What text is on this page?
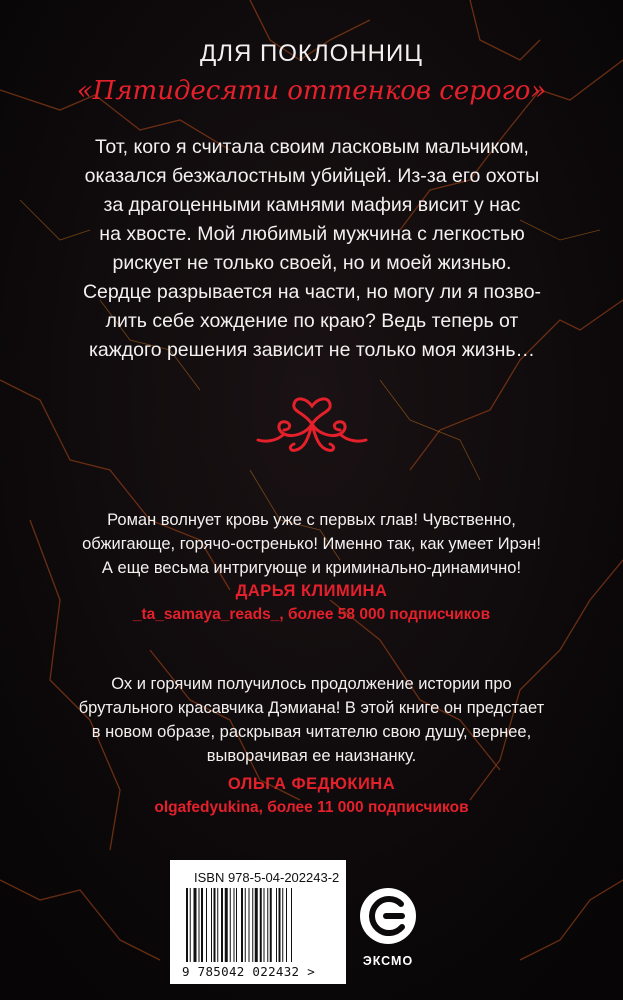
ДЛЯ ПОКЛОННИЦ
«Пятидесяти оттенков серого»
Тот, кого я считала своим ласковым мальчиком,
оказался безжалостным убийцей. Из-за его охоты
за драгоценными камнями мафия висит у нас
на хвосте. Мой любимый мужчина с легкостью
рискует не только своей, но и моей жизнью.
Сердце разрывается на части, но могу ли я позво-
лить себе хождение по краю? Ведь теперь от
каждого решения зависит не только моя жизнь…
Роман волнует кровь уже с первых глав! Чувственно,
обжигающе, горячо-остренько! Именно так, как умеет Ирэн!
А еще весьма интригующе и криминально-динамично!
ДАРЬЯ КЛИМИНА
_ta_samaya_reads_, более 58 000 подписчиков
Ох и горячим получилось продолжение истории про
брутального красавчика Дэмиана! В этой книге он предстает
в новом образе, раскрывая читателю свою душу, вернее,
выворачивая ее наизнанку.
ОЛЬГА ФЕДЮКИНА
olgafedyukina, более 11 000 подписчиков
ISBN 978-5-04-202243-2
9 785042 022432 >
ЭКСМО
